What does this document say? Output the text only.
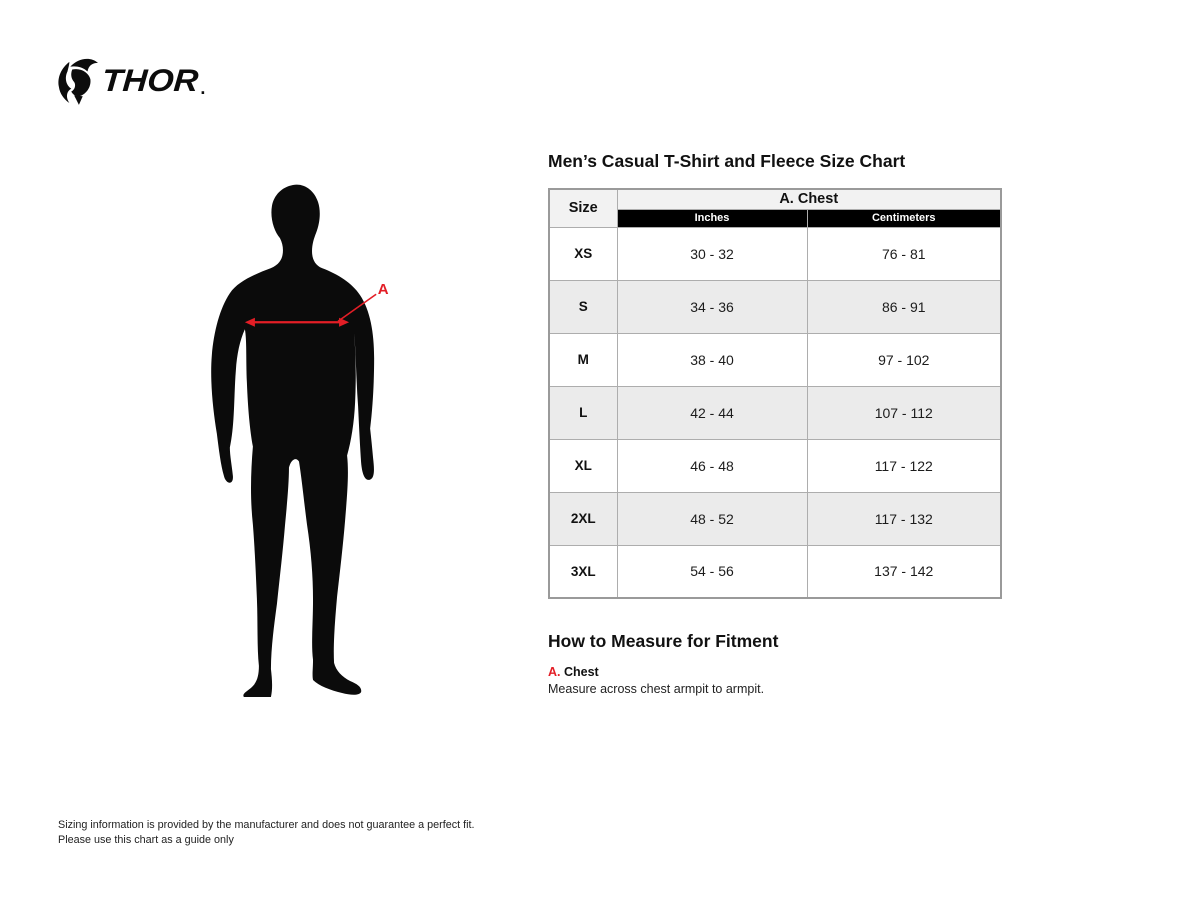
THOR .
A
Men’s Casual T-Shirt and Fleece Size Chart
Size	A. Chest	
	Inches	Centimeters
XS	30 - 32	76 - 81
S	34 - 36	86 - 91
M	38 - 40	97 - 102
L	42 - 44	107 - 112
XL	46 - 48	117 - 122
2XL	48 - 52	117 - 132
3XL	54 - 56	137 - 142
How to Measure for Fitment
A. Chest
Measure across chest armpit to armpit.
Sizing information is provided by the manufacturer and does not guarantee a perfect fit.
Please use this chart as a guide only
